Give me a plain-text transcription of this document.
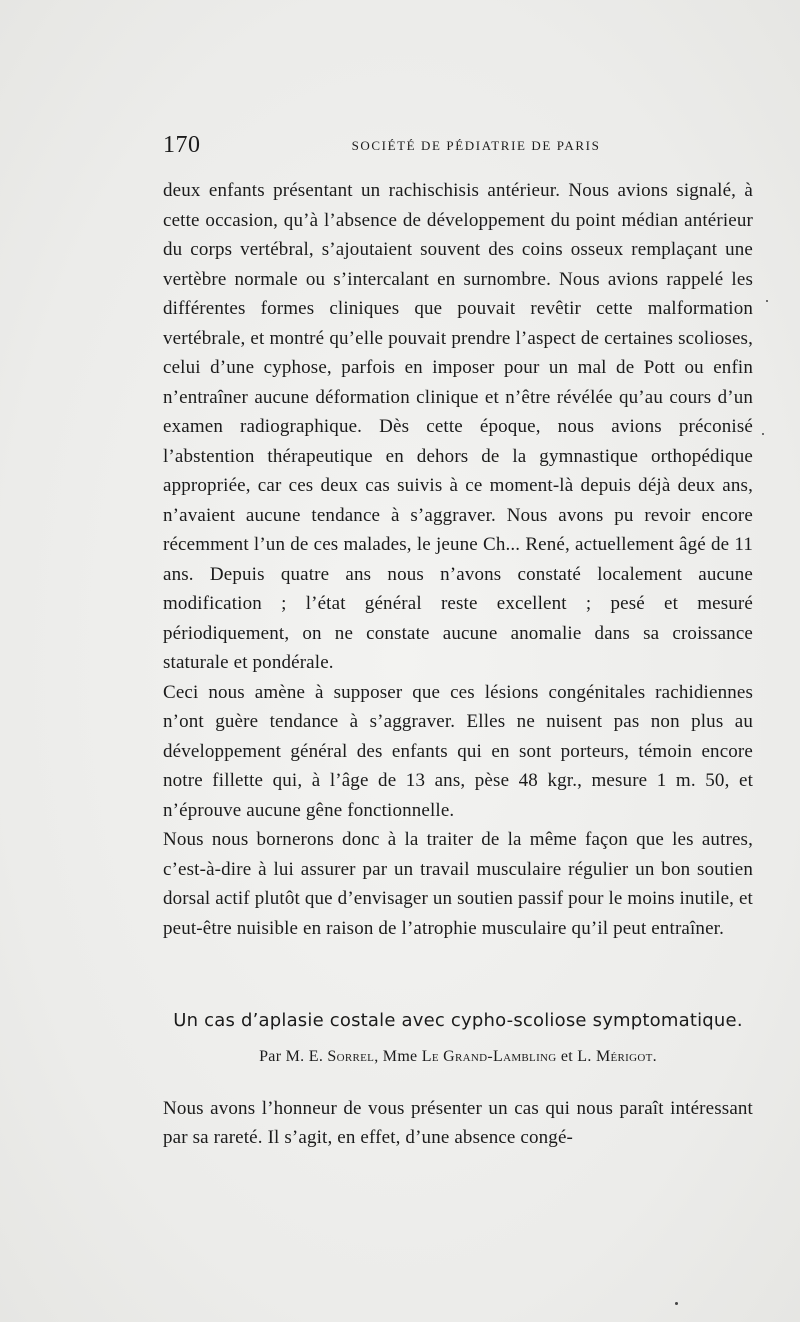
170	SOCIÉTÉ DE PÉDIATRIE DE PARIS

deux enfants présentant un rachischisis antérieur. Nous avions signalé, à cette occasion, qu’à l’absence de développement du point médian antérieur du corps vertébral, s’ajoutaient souvent des coins osseux remplaçant une vertèbre normale ou s’intercalant en surnombre. Nous avions rappelé les différentes formes cliniques que pouvait revêtir cette malformation vertébrale, et montré qu’elle pouvait prendre l’aspect de certaines scolioses, celui d’une cyphose, parfois en imposer pour un mal de Pott ou enfin n’entraîner aucune déformation clinique et n’être révélée qu’au cours d’un examen radiographique. Dès cette époque, nous avions préconisé l’abstention thérapeutique en dehors de la gymnastique orthopédique appropriée, car ces deux cas suivis à ce moment-là depuis déjà deux ans, n’avaient aucune tendance à s’aggraver. Nous avons pu revoir encore récemment l’un de ces malades, le jeune Ch... René, actuellement âgé de 11 ans. Depuis quatre ans nous n’avons constaté localement aucune modification ; l’état général reste excellent ; pesé et mesuré périodiquement, on ne constate aucune anomalie dans sa croissance staturale et pondérale.

Ceci nous amène à supposer que ces lésions congénitales rachidiennes n’ont guère tendance à s’aggraver. Elles ne nuisent pas non plus au développement général des enfants qui en sont porteurs, témoin encore notre fillette qui, à l’âge de 13 ans, pèse 48 kgr., mesure 1 m. 50, et n’éprouve aucune gêne fonctionnelle.

Nous nous bornerons donc à la traiter de la même façon que les autres, c’est-à-dire à lui assurer par un travail musculaire régulier un bon soutien dorsal actif plutôt que d’envisager un soutien passif pour le moins inutile, et peut-être nuisible en raison de l’atrophie musculaire qu’il peut entraîner.

Un cas d’aplasie costale avec cypho-scoliose symptomatique.
Par M. E. Sorrel, Mme Le Grand-Lambling et L. Mérigot.

Nous avons l’honneur de vous présenter un cas qui nous paraît intéressant par sa rareté. Il s’agit, en effet, d’une absence congé-
